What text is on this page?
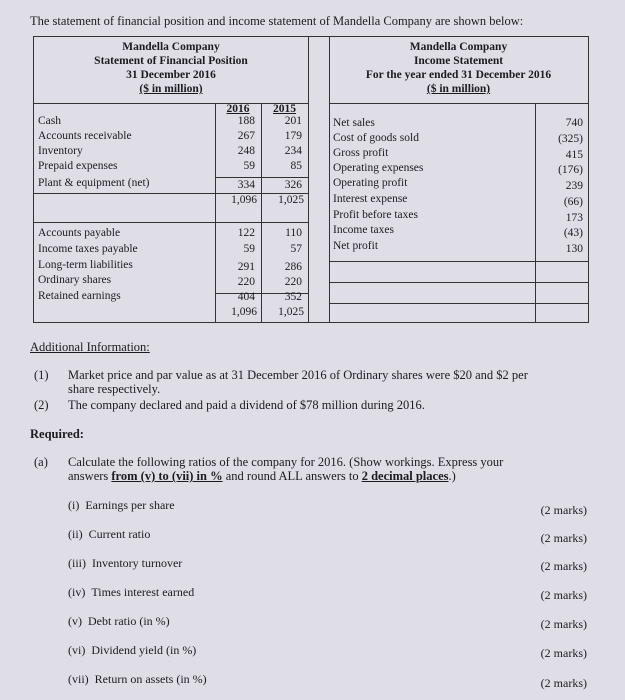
The statement of financial position and income statement of Mandella Company are shown below:
Mandella Company
Statement of Financial Position
31 December 2016
($ in million)
Mandella Company
Income Statement
For the year ended 31 December 2016
($ in million)
2016	2015
Cash	188	201
Accounts receivable	267	179
Inventory	248	234
Prepaid expenses	59	85
Plant & equipment (net)	334	326
1,096	1,025
Accounts payable	122	110
Income taxes payable	59	57
Long-term liabilities	291	286
Ordinary shares	220	220
Retained earnings	404	352
1,096	1,025
Net sales	740
Cost of goods sold	(325)
Gross profit	415
Operating expenses	(176)
Operating profit	239
Interest expense	(66)
Profit before taxes	173
Income taxes	(43)
Net profit	130
Additional Information:
(1) Market price and par value as at 31 December 2016 of Ordinary shares were $20 and $2 per
share respectively.
(2) The company declared and paid a dividend of $78 million during 2016.
Required:
(a) Calculate the following ratios of the company for 2016. (Show workings. Express your
answers from (v) to (vii) in % and round ALL answers to 2 decimal places.)
(i) Earnings per share	(2 marks)
(ii) Current ratio	(2 marks)
(iii) Inventory turnover	(2 marks)
(iv) Times interest earned	(2 marks)
(v) Debt ratio (in %)	(2 marks)
(vi) Dividend yield (in %)	(2 marks)
(vii) Return on assets (in %)	(2 marks)
